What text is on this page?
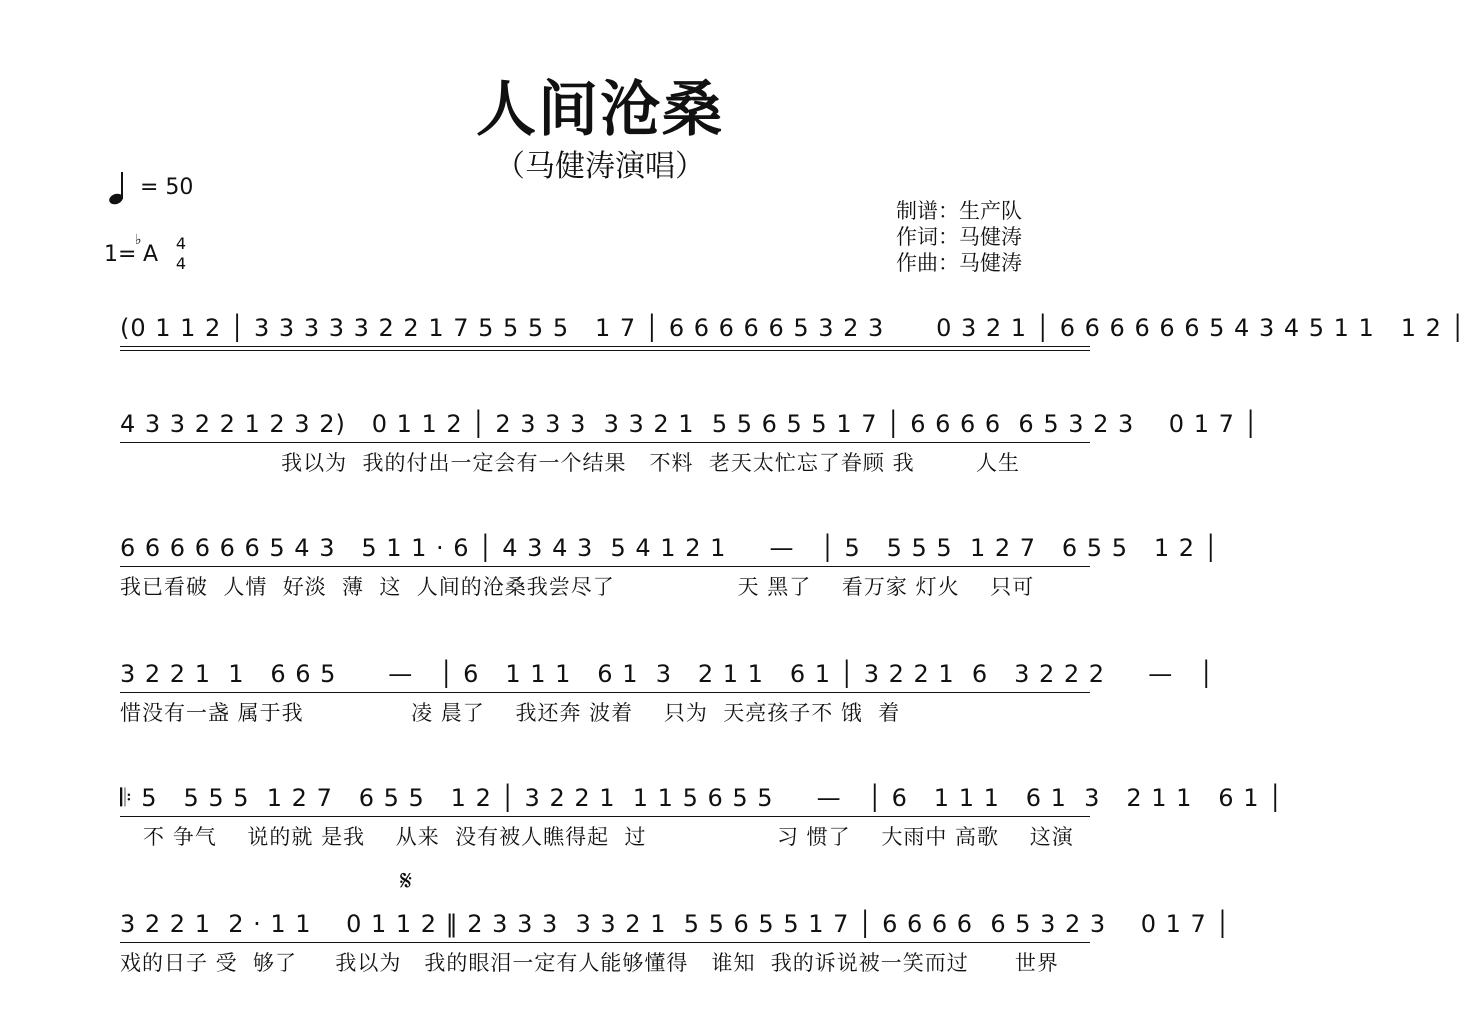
人间沧桑
（马健涛演唱）
= 50
1=
♭
A 4
4
制谱：生产队
作词：马健涛
作曲：马健涛
(0 1 1 2 │ 3 3 3 3 3 2 2 1 7 5 5 5 5   1 7 │ 6 6 6 6 6 5 3 2 3      0 3 2 1 │ 6 6 6 6 6 6 5 4 3 4 5 1 1   1 2 │
4 3 3 2 2 1 2 3 2)   0 1 1 2 │ 2 3 3 3  3 3 2 1  5 5 6 5 5 1 7 │ 6 6 6 6  6 5 3 2 3    0 1 7 │
我以为  我的付出一定会有一个结果   不料  老天太忙忘了眷顾 我        人生
6 6 6 6 6 6 5 4 3   5 1 1 · 6 │ 4 3 4 3  5 4 1 2 1     —   │ 5   5 5 5  1 2 7   6 5 5   1 2 │
我已看破  人情  好淡  薄  这  人间的沧桑我尝尽了                天 黑了    看万家 灯火    只可
3 2 2 1  1   6 6 5      —   │ 6   1 1 1   6 1  3   2 1 1   6 1 │ 3 2 2 1  6   3 2 2 2     —   │
惜没有一盏 属于我              凌 晨了    我还奔 波着    只为  天亮孩子不 饿  着
𝄆 5   5 5 5  1 2 7   6 5 5   1 2 │ 3 2 2 1  1 1 5 6 5 5     —   │ 6   1 1 1   6 1  3   2 1 1   6 1 │
不 争气    说的就 是我    从来  没有被人瞧得起  过                 习 惯了    大雨中 高歌    这演
𝄋
3 2 2 1  2 · 1 1    0 1 1 2 ‖ 2 3 3 3  3 3 2 1  5 5 6 5 5 1 7 │ 6 6 6 6  6 5 3 2 3    0 1 7 │
戏的日子 受  够了     我以为   我的眼泪一定有人能够懂得   谁知  我的诉说被一笑而过      世界
